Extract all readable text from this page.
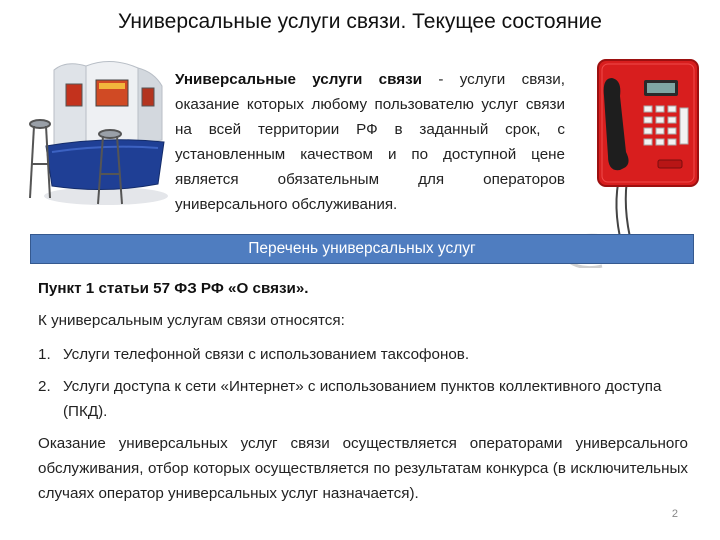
Универсальные услуги связи. Текущее состояние
Универсальные услуги связи - услуги связи, оказание которых любому пользователю услуг связи на всей территории РФ в заданный срок, с установленным качеством и по доступной цене является обязательным для операторов универсального обслуживания.
Перечень универсальных услуг

Пункт 1 статьи 57 ФЗ РФ «О связи».

К универсальным услугам связи относятся:

1. Услуги телефонной связи с использованием таксофонов.
2. Услуги доступа к сети «Интернет» с использованием пунктов коллективного доступа (ПКД).

Оказание универсальных услуг связи осуществляется операторами универсального обслуживания, отбор которых осуществляется по результатам конкурса (в исключительных случаях оператор универсальных услуг назначается).

2
